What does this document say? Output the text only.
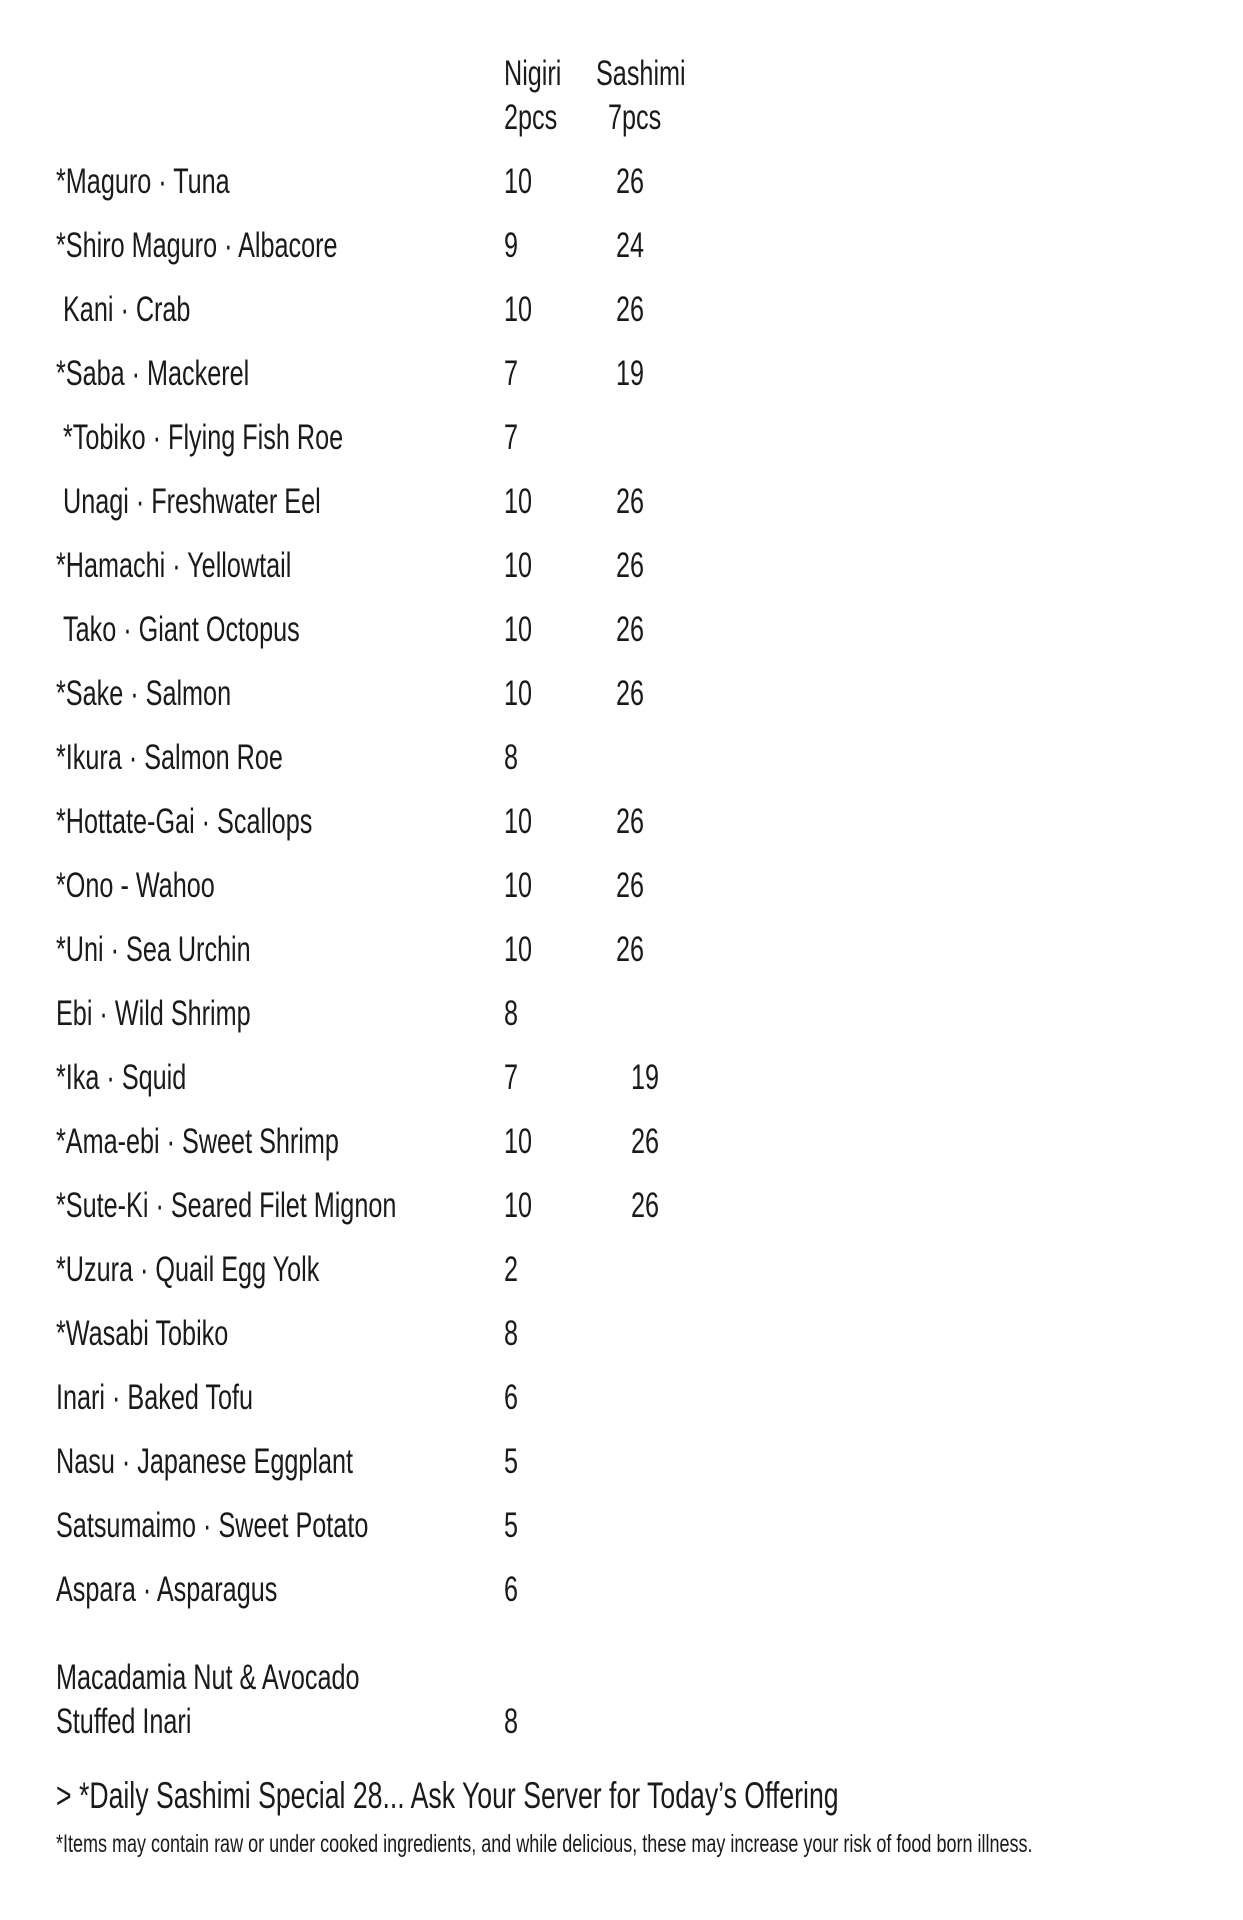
Nigiri
2pcs
Sashimi
7pcs
*Maguro · Tuna	10 26
*Shiro Maguro · Albacore	9	24
Kani · Crab	10 26
*Saba · Mackerel	7	19
*Tobiko · Flying Fish Roe	7
Unagi · Freshwater Eel	10 26
*Hamachi · Yellowtail	10 26
Tako · Giant Octopus	10 26
*Sake · Salmon	10 26
*Ikura · Salmon Roe	8
*Hottate-Gai · Scallops	10 26
*Ono - Wahoo	10 26
*Uni · Sea Urchin	10 26
Ebi · Wild Shrimp	8
*Ika · Squid	7	19
*Ama-ebi · Sweet Shrimp	10	26
*Sute-Ki · Seared Filet Mignon	10	26
*Uzura · Quail Egg Yolk	2
*Wasabi Tobiko	8
Inari · Baked Tofu	6
Nasu · Japanese Eggplant	5
Satsumaimo · Sweet Potato	5
Aspara · Asparagus	6
Macadamia Nut & Avocado
Stuffed Inari	8
> *Daily Sashimi Special 28... Ask Your Server for Today’s Offering
*Items may contain raw or under cooked ingredients, and while delicious, these may increase your risk of food born illness.
